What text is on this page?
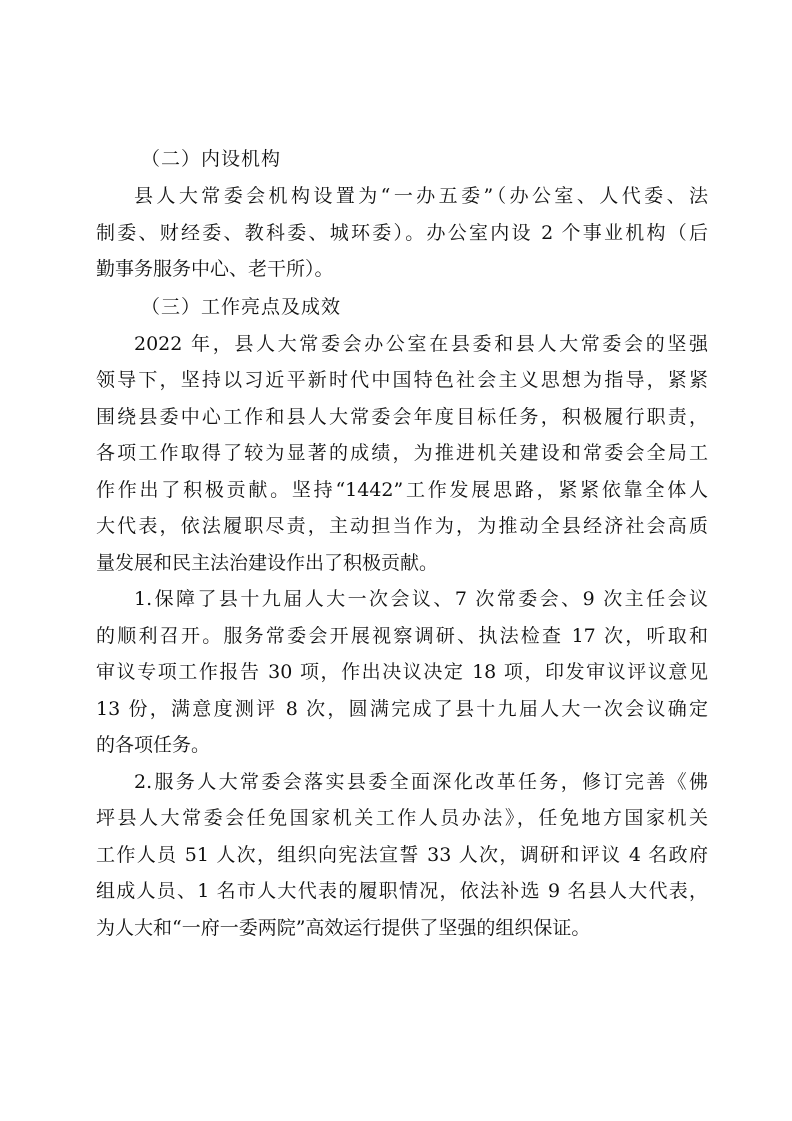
（二）内设机构
县人大常委会机构设置为“一办五委”（办公室、人代委、法
制委、财经委、教科委、城环委）。办公室内设 2 个事业机构（后
勤事务服务中心、老干所）。
（三）工作亮点及成效
2022 年，县人大常委会办公室在县委和县人大常委会的坚强
领导下，坚持以习近平新时代中国特色社会主义思想为指导，紧紧
围绕县委中心工作和县人大常委会年度目标任务，积极履行职责，
各项工作取得了较为显著的成绩，为推进机关建设和常委会全局工
作作出了积极贡献。坚持“1442”工作发展思路，紧紧依靠全体人
大代表，依法履职尽责，主动担当作为，为推动全县经济社会高质
量发展和民主法治建设作出了积极贡献。
1.保障了县十九届人大一次会议、7 次常委会、9 次主任会议
的顺利召开。服务常委会开展视察调研、执法检查 17 次，听取和
审议专项工作报告 30 项，作出决议决定 18 项，印发审议评议意见
13 份，满意度测评 8 次，圆满完成了县十九届人大一次会议确定
的各项任务。
2.服务人大常委会落实县委全面深化改革任务，修订完善《佛
坪县人大常委会任免国家机关工作人员办法》，任免地方国家机关
工作人员 51 人次，组织向宪法宣誓 33 人次，调研和评议 4 名政府
组成人员、1 名市人大代表的履职情况，依法补选 9 名县人大代表，
为人大和“一府一委两院”高效运行提供了坚强的组织保证。
